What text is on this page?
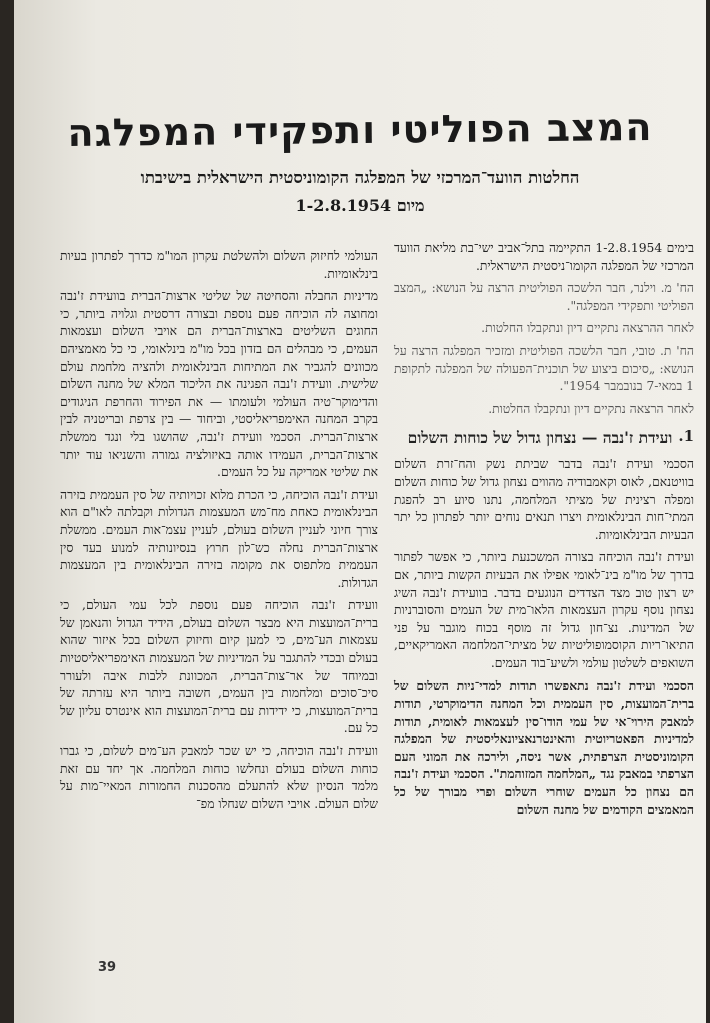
המצב הפוליטי ותפקידי המפלגה
החלטות הוועד־המרכזי של המפלגה הקומוניסטית הישראלית בישיבתו
מיום 1-2.8.1954

בימים 1-2.8.1954 התקיימה בתל־אביב ישי־בת מליאת הוועד המרכזי של המפלגה הקומו־ניסטית הישראלית.

הח' מ. וילנר, חבר הלשכה הפוליטית הרצה על הנושא: „המצב הפוליטי ותפקידי המפלגה".

לאחר ההרצאה נתקיים דיון ונתקבלו החלטות.

הח' ת. טובי, חבר הלשכה הפוליטית ומזכיר המפלגה הרצה על הנושא: „סיכום ביצוע של תוכנית־הפעולה של המפלגה לתקופת 1 במאי-7 בנובמבר 1954".

לאחר הרצאה נתקיים דיון ונתקבלו החלטות.

1.
ועידת ז'נבה — נצחון גדול של כוחות השלום

הסכמי ועידת ז'נבה בדבר שביתת נשק והח־זרת השלום בוויטנאם, לאוס וקאמבודיה מהווים נצחון גדול של כוחות השלום ומפלה רצינית של מציתי המלחמה, נתנו סיוע רב להפגת המתי־חות הבינלאומית ויצרו תנאים נוחים יותר לפתרון כל יתר הבעיות הבינלאומיות.

ועידת ז'נבה הוכיחה בצורה המשכנעת ביותר, כי אפשר לפתור בדרך של מו"מ בינ־לאומי אפילו את הבעיות הקשות ביותר, אם יש רצון טוב מצד הצדדים הנוגעים בדבר. בוועידת ז'נבה השיג נצחון נוסף עקרון העצמאות הלאו־מית של העמים והסוברניות של המדינות. נצ־חון גדול זה מוסף בכוח מוגבר על פני התיאו־ריות הקוסמופוליטיות של מציתי־המלחמה האמריקאיים, השואפים לשלטון עולמי ולשיע־בוד העמים.

הסכמי ועידת ז'נבה נתאפשרו תודות למדי־ניות השלום של ברית־המועצות, סין העממית וכל המחנה הדימוקרטי, תודות למאבק הירוי־אי של עמי הודו־סין לעצמאות לאומית, תודות למדיניות הפאטריוטית והאינטרנאציונאליסטית של המפלגה הקומוניסטית הצרפתית, אשר ניסה, ולירכה את המוני העם הצרפתי במאבק נגד „המלחמה המזוהמת". הסכמי ועידת ז'נבה הם נצחון כל העמים שוחרי השלום ופרי מבורך של כל המאמצים הקודמים של מחנה השלום

העולמי לחיזוק השלום ולהשלטת עקרון המו"מ כדרך לפתרון בעיות בינלאומיות.

מדיניות החבלה והסחיטה של שליטי ארצות־הברית בוועידת ז'נבה ומחוצה לה הוכיחה פעם נוספת ובצורה דרסטית וגלויה ביותר, כי החוגים השליטים בארצות־הברית הם אויבי השלום ועצמאות העמים, כי מבהלים הם בזדון בכל מו"מ בינלאומי, כי כל מאמציהם מכוונים להגביר את המתיחות הבינלאומית ולהציה מלחמת עולם שלישית. וועידת ז'נבה הפגינה את הליכוד המלא של מחנה השלום והדימוקר־טיה העולמי ולעומתו — את הפירוד והחרפת הניגודים בקרב המחנה האימפריאליסטי, וביחוד — בין צרפת ובריטניה לבין ארצות־הברית. הסכמי וועידת ז'נבה, שהושגו בלי ונגד ממשלת ארצות־הברית, העמידו אותה באיזולציה גמורה והשניאו עוד יותר את שליטי אמריקה על כל העמים.

ועידת ז'נבה הוכיחה, כי הכרת מלוא זכויותיה של סין העממית בזירה הבינלאומית כאחת מח־מש המעצמות הגדולות וקבלתה לאו"ם הוא צורך חיוני לעניין השלום בעולם, לעניין עצמ־אות העמים. ממשלת ארצות־הברית נחלה כש־לון חרוץ בנסיונותיה למנוע בעד סין העממית מלתפוס את מקומה בזירה הבינלאומית בין המעצמות הגדולות.

וועידת ז'נבה הוכיחה פעם נוספת לכל עמי העולם, כי ברית־המועצות היא מבצר השלום בעולם, הידיד הגדול והנאמן של עצמאות הע־מים, כי למען קיום וחיזוק השלום בכל איזור שהוא בעולם ובכדי להתגבר על המדיניות של המעצמות האימפריאליסטיות ובמיוחד של אר־צות־הברית, המכוונת ללבות איבה ולעורר סיכ־סוכים ומלחמות בין העמים, חשובה ביותר היא עזרתה של ברית־המועצות, כי ידידות עם ברית־המועצות הוא אינטרס עליון של כל עם.

וועידת ז'נבה הוכיחה, כי יש שכר למאבק הע־מים לשלום, כי גברו כוחות השלום בעולם ונחלשו כוחות המלחמה. אך יחד עם זאת מלמד הנסיון שלא להתעלם מהסכנות החמורות המאיי־מות על שלום העולם. אויבי השלום שנחלו מפ־

39
